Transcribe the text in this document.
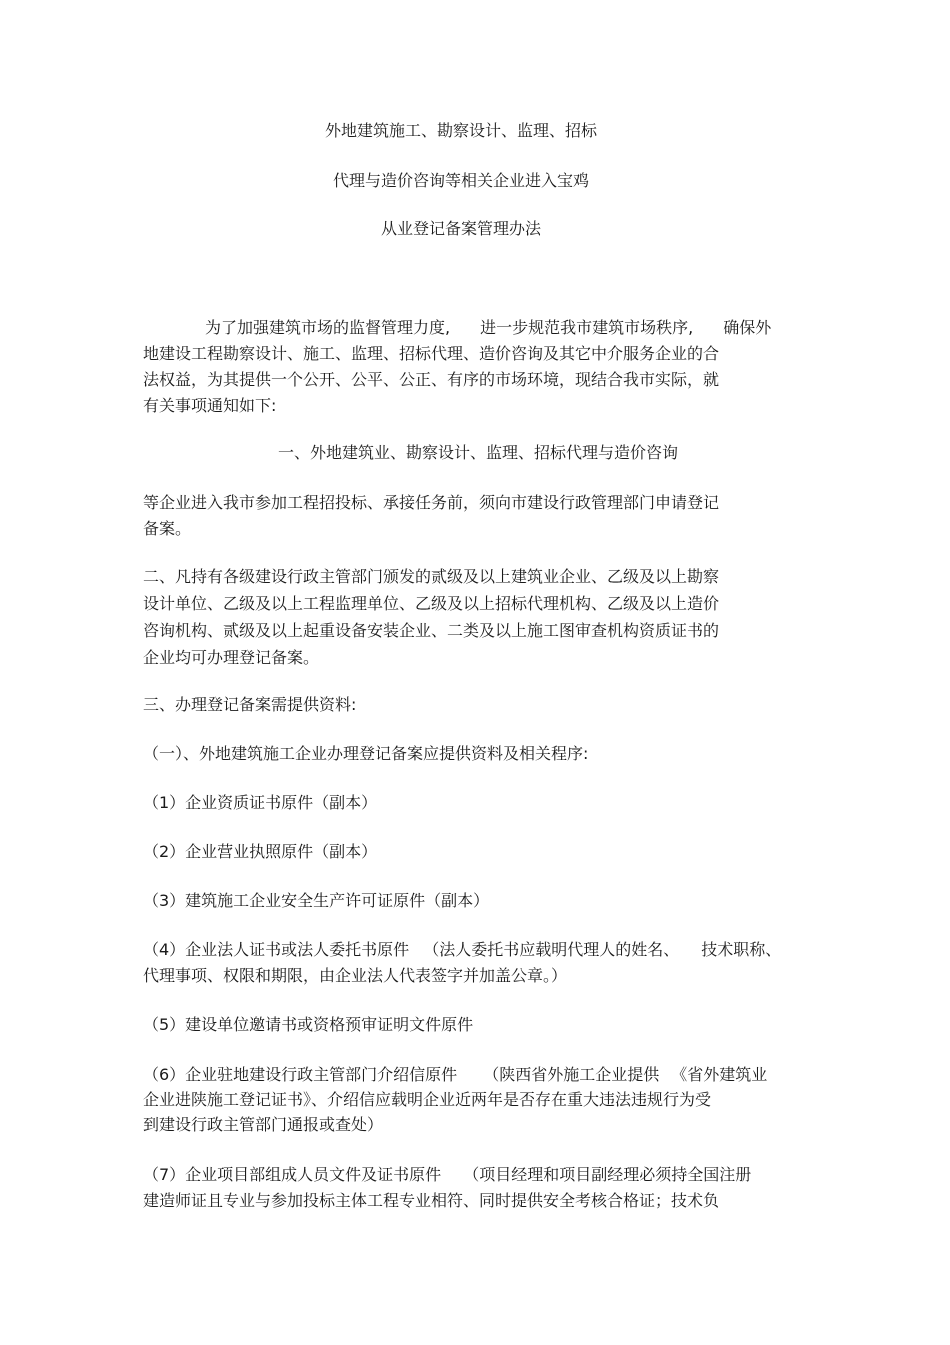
外地建筑施工、勘察设计、监理、招标
代理与造价咨询等相关企业进入宝鸡
从业登记备案管理办法
为了加强建筑市场的监督管理力度, 进一步规范我市建筑市场秩序, 确保外
地建设工程勘察设计、施工、监理、招标代理、造价咨询及其它中介服务企业的合
法权益，为其提供一个公开、公平、公正、有序的市场环境，现结合我市实际，就
有关事项通知如下:
一、外地建筑业、勘察设计、监理、招标代理与造价咨询
等企业进入我市参加工程招投标、承接任务前，须向市建设行政管理部门申请登记
备案。
二、凡持有各级建设行政主管部门颁发的贰级及以上建筑业企业、乙级及以上勘察
设计单位、乙级及以上工程监理单位、乙级及以上招标代理机构、乙级及以上造价
咨询机构、贰级及以上起重设备安装企业、二类及以上施工图审查机构资质证书的
企业均可办理登记备案。
三、办理登记备案需提供资料:
（一）、外地建筑施工企业办理登记备案应提供资料及相关程序:
（1）企业资质证书原件（副本）
（2）企业营业执照原件（副本）
（3）建筑施工企业安全生产许可证原件（副本）
（4）企业法人证书或法人委托书原件 （法人委托书应载明代理人的姓名、 技术职称、
代理事项、权限和期限，由企业法人代表签字并加盖公章。）
（5）建设单位邀请书或资格预审证明文件原件
（6）企业驻地建设行政主管部门介绍信原件 （陕西省外施工企业提供 《省外建筑业
企业进陕施工登记证书》、介绍信应载明企业近两年是否存在重大违法违规行为受
到建设行政主管部门通报或查处）
（7）企业项目部组成人员文件及证书原件 （项目经理和项目副经理必须持全国注册
建造师证且专业与参加投标主体工程专业相符、同时提供安全考核合格证；技术负
